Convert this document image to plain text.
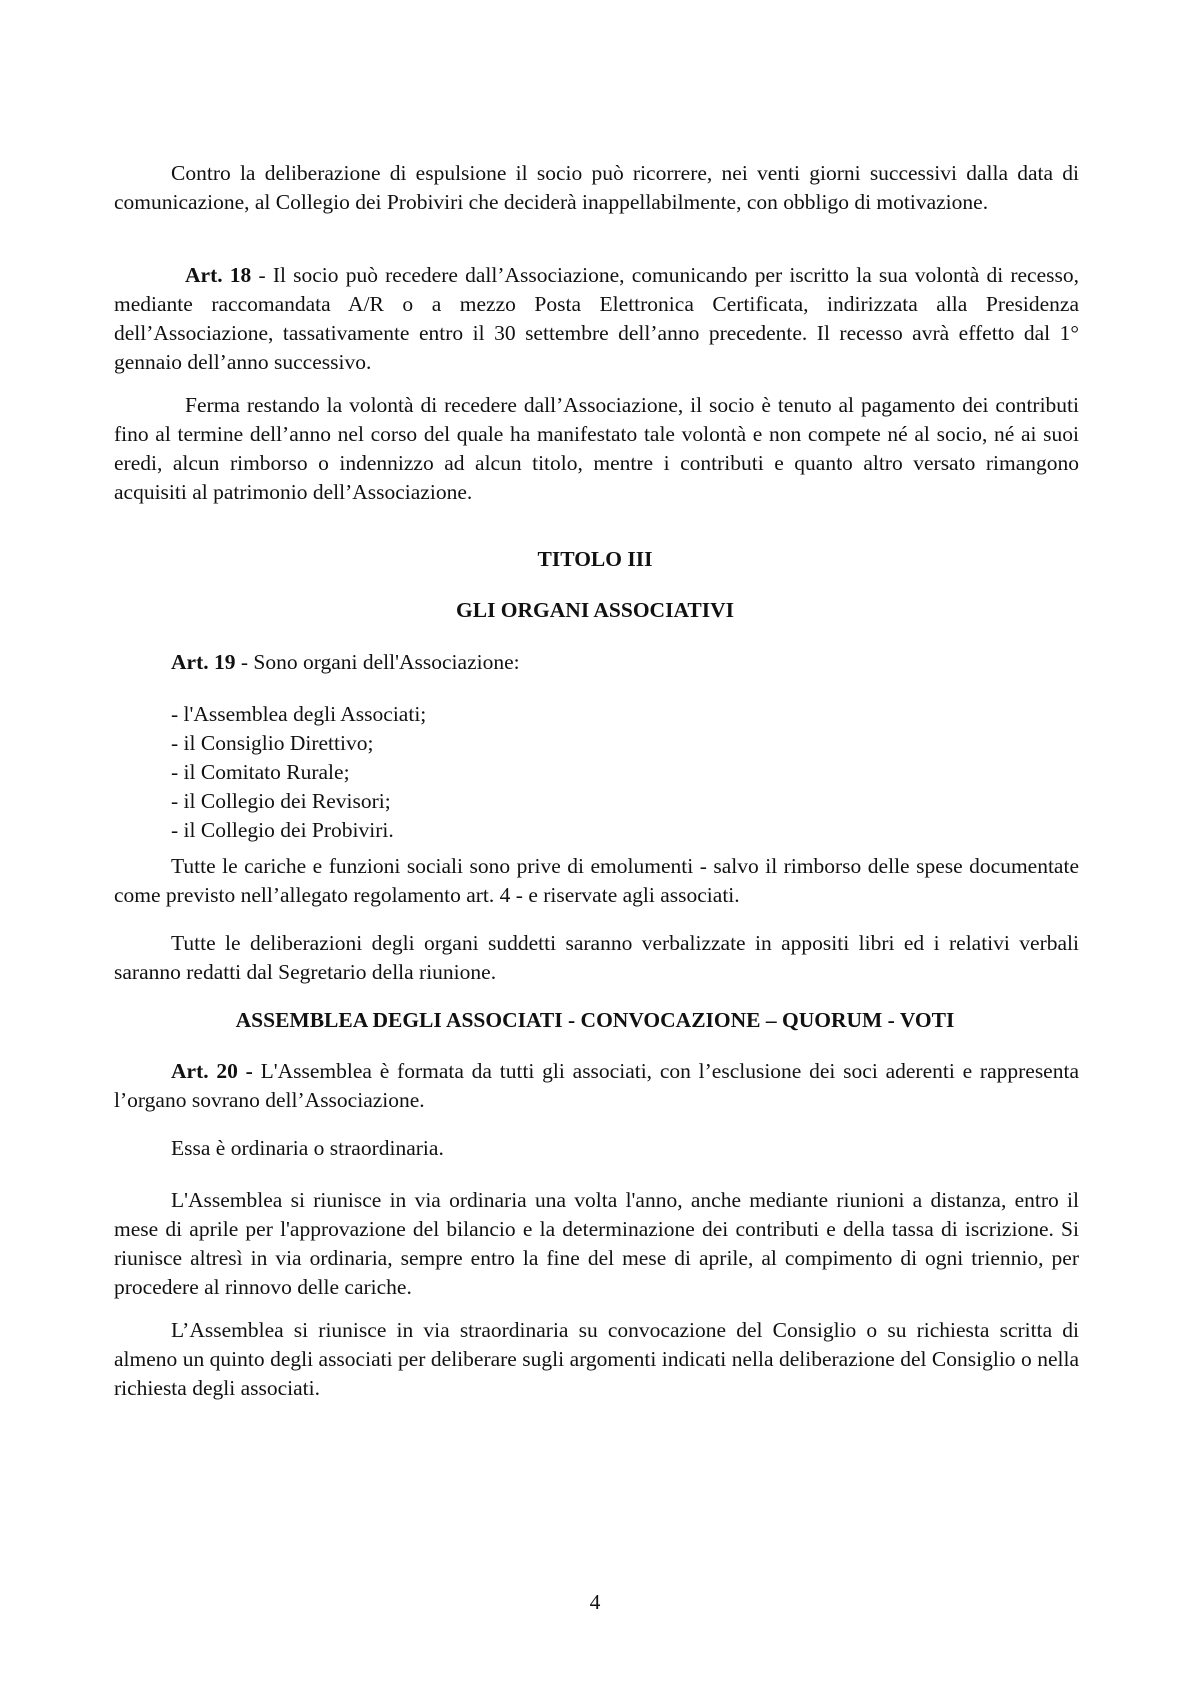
Contro la deliberazione di espulsione il socio può ricorrere, nei venti giorni successivi dalla data di comunicazione, al Collegio dei Probiviri che deciderà inappellabilmente, con obbligo di motivazione.
Art. 18 - Il socio può recedere dall’Associazione, comunicando per iscritto la sua volontà di recesso, mediante raccomandata A/R o a mezzo Posta Elettronica Certificata, indirizzata alla Presidenza dell’Associazione, tassativamente entro il 30 settembre dell’anno precedente. Il recesso avrà effetto dal 1° gennaio dell’anno successivo.
Ferma restando la volontà di recedere dall’Associazione, il socio è tenuto al pagamento dei contributi fino al termine dell’anno nel corso del quale ha manifestato tale volontà e non compete né al socio, né ai suoi eredi, alcun rimborso o indennizzo ad alcun titolo, mentre i contributi e quanto altro versato rimangono acquisiti al patrimonio dell’Associazione.
TITOLO III
GLI ORGANI ASSOCIATIVI
Art. 19 - Sono organi dell'Associazione:
- l'Assemblea degli Associati;
- il Consiglio Direttivo;
- il Comitato Rurale;
- il Collegio dei Revisori;
- il Collegio dei Probiviri.
Tutte le cariche e funzioni sociali sono prive di emolumenti - salvo il rimborso delle spese documentate come previsto nell’allegato regolamento art. 4 - e riservate agli associati.
Tutte le deliberazioni degli organi suddetti saranno verbalizzate in appositi libri ed i relativi verbali saranno redatti dal Segretario della riunione.
ASSEMBLEA DEGLI ASSOCIATI - CONVOCAZIONE – QUORUM - VOTI
Art. 20 - L'Assemblea è formata da tutti gli associati, con l’esclusione dei soci aderenti e rappresenta l’organo sovrano dell’Associazione.
Essa è ordinaria o straordinaria.
L'Assemblea si riunisce in via ordinaria una volta l'anno, anche mediante riunioni a distanza, entro il mese di aprile per l'approvazione del bilancio e la determinazione dei contributi e della tassa di iscrizione. Si riunisce altresì in via ordinaria, sempre entro la fine del mese di aprile, al compimento di ogni triennio, per procedere al rinnovo delle cariche.
L’Assemblea si riunisce in via straordinaria su convocazione del Consiglio o su richiesta scritta di almeno un quinto degli associati per deliberare sugli argomenti indicati nella deliberazione del Consiglio o nella richiesta degli associati.
4
